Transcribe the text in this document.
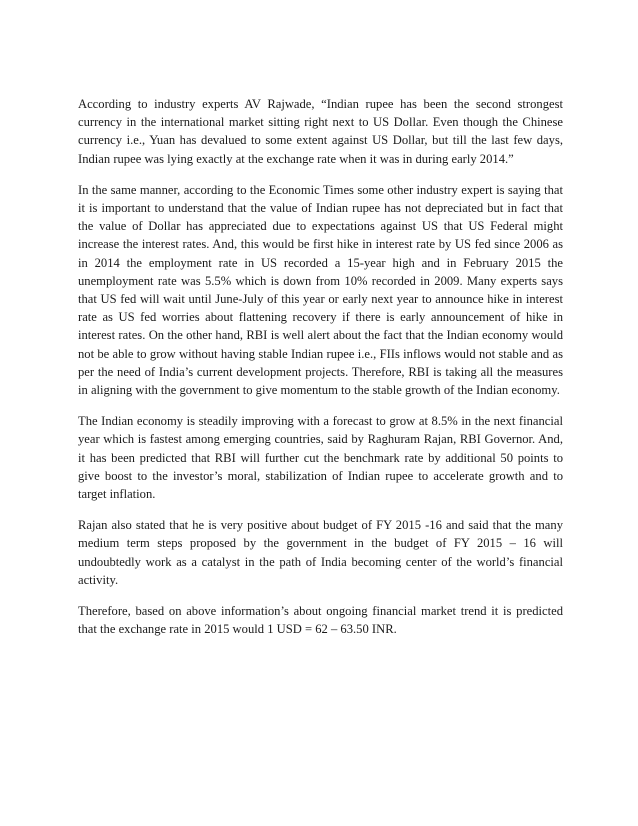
According to industry experts AV Rajwade, “Indian rupee has been the second strongest currency in the international market sitting right next to US Dollar. Even though the Chinese currency i.e., Yuan has devalued to some extent against US Dollar, but till the last few days, Indian rupee was lying exactly at the exchange rate when it was in during early 2014.”

In the same manner, according to the Economic Times some other industry expert is saying that it is important to understand that the value of Indian rupee has not depreciated but in fact that the value of Dollar has appreciated due to expectations against US that US Federal might increase the interest rates. And, this would be first hike in interest rate by US fed since 2006 as in 2014 the employment rate in US recorded a 15-year high and in February 2015 the unemployment rate was 5.5% which is down from 10% recorded in 2009. Many experts says that US fed will wait until June-July of this year or early next year to announce hike in interest rate as US fed worries about flattening recovery if there is early announcement of hike in interest rates. On the other hand, RBI is well alert about the fact that the Indian economy would not be able to grow without having stable Indian rupee i.e., FIIs inflows would not stable and as per the need of India’s current development projects. Therefore, RBI is taking all the measures in aligning with the government to give momentum to the stable growth of the Indian economy.

The Indian economy is steadily improving with a forecast to grow at 8.5% in the next financial year which is fastest among emerging countries, said by Raghuram Rajan, RBI Governor. And, it has been predicted that RBI will further cut the benchmark rate by additional 50 points to give boost to the investor’s moral, stabilization of Indian rupee to accelerate growth and to target inflation.

Rajan also stated that he is very positive about budget of FY 2015 -16 and said that the many medium term steps proposed by the government in the budget of FY 2015 – 16 will undoubtedly work as a catalyst in the path of India becoming center of the world’s financial activity.

Therefore, based on above information’s about ongoing financial market trend it is predicted that the exchange rate in 2015 would 1 USD = 62 – 63.50 INR.
